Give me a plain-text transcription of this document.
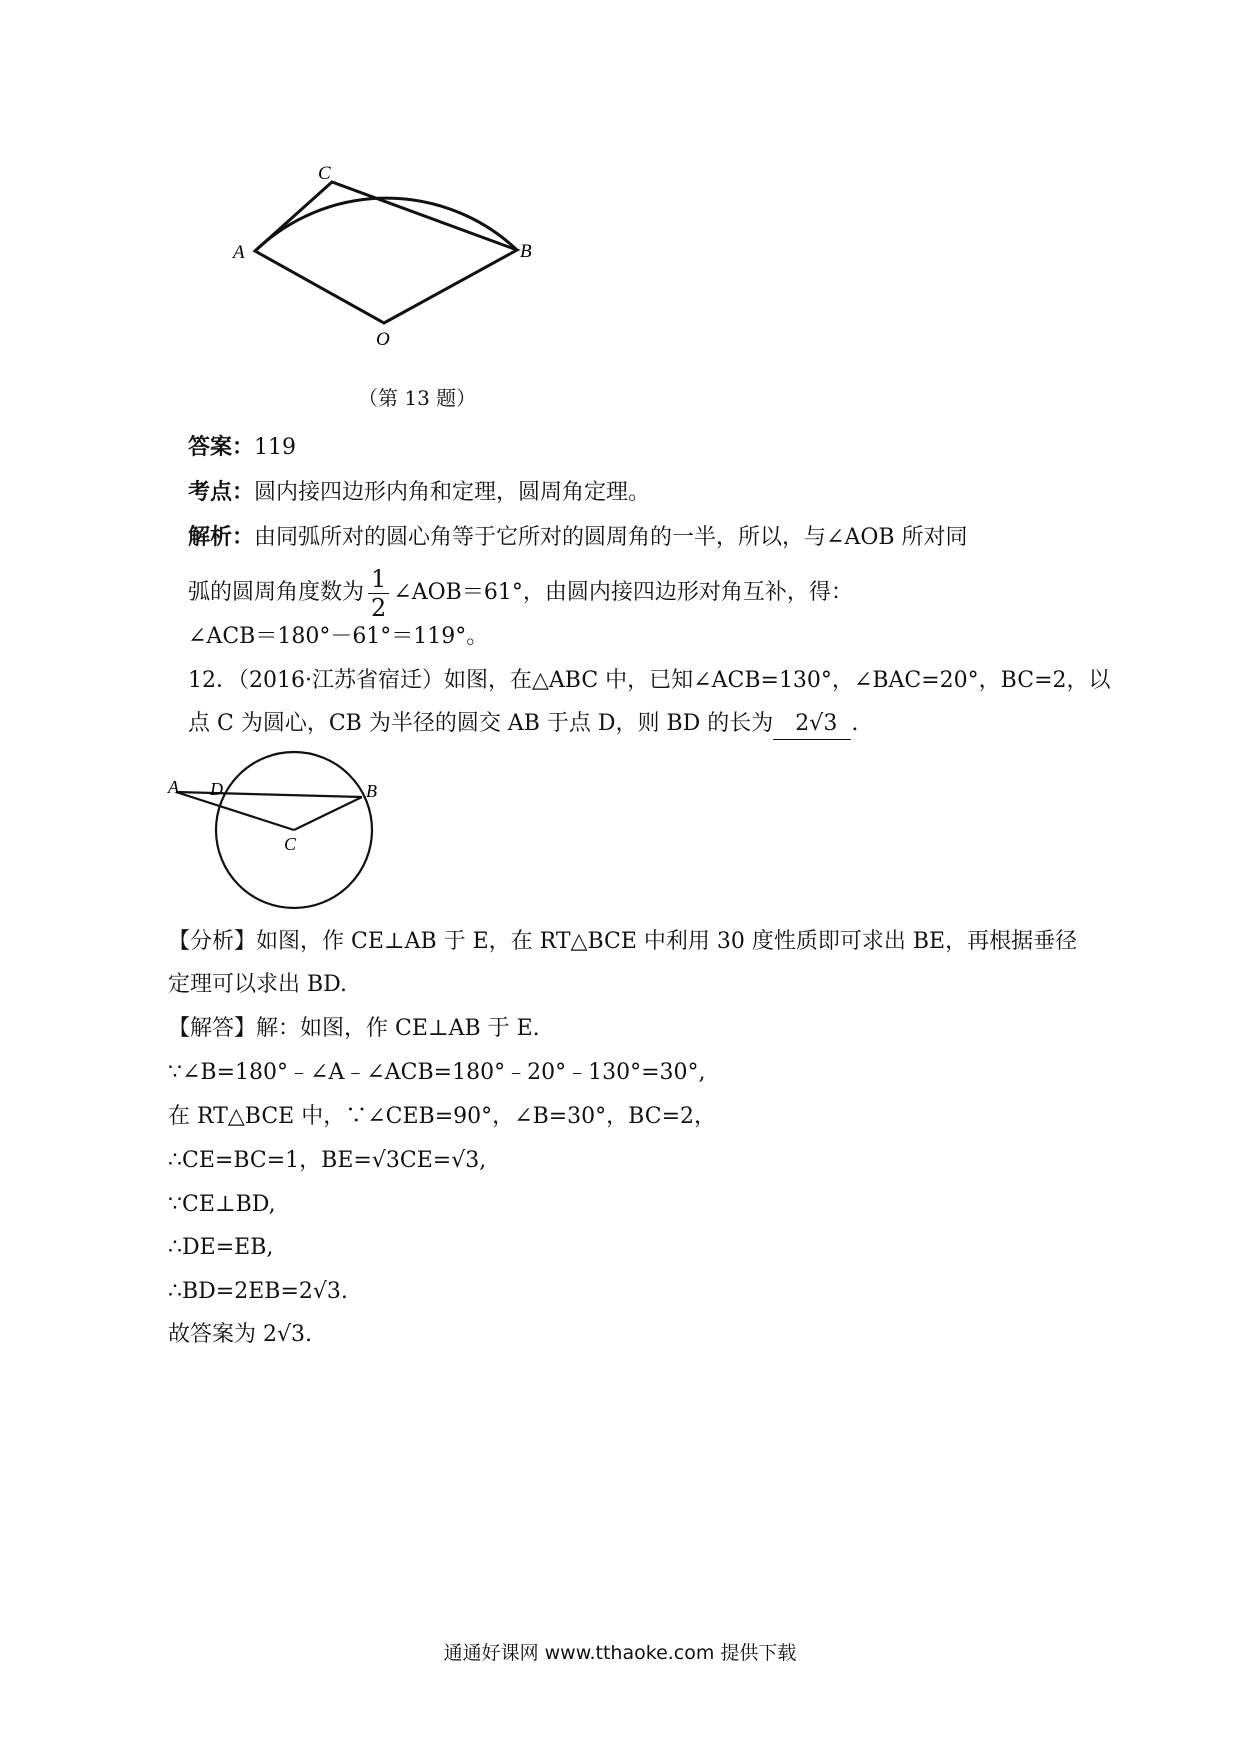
C
A	B
O
（第 13 题）
答案：119
考点：圆内接四边形内角和定理，圆周角定理。
解析：由同弧所对的圆心角等于它所对的圆周角的一半，所以，与∠AOB 所对同
弧的圆周角度数为 $\frac{1}{2}$ ∠AOB＝61°，由圆内接四边形对角互补，得：
∠ACB＝180°－61°＝119°。
12．（2016·江苏省宿迁）如图，在△ABC 中，已知∠ACB=130°，∠BAC=20°，BC=2，以
点 C 为圆心，CB 为半径的圆交 AB 于点 D，则 BD 的长为 2√3 .
A D	B
C
【分析】如图，作 CE⊥AB 于 E，在 RT△BCE 中利用 30 度性质即可求出 BE，再根据垂径
定理可以求出 BD.
【解答】解：如图，作 CE⊥AB 于 E.
∵∠B=180°﹣∠A﹣∠ACB=180°﹣20°﹣130°=30°,
在 RT△BCE 中，∵∠CEB=90°，∠B=30°，BC=2，
∴CE=BC=1，BE=√3CE=√3,
∵CE⊥BD,
∴DE=EB,
∴BD=2EB=2√3.
故答案为 2√3.
通通好课网 www.tthaoke.com 提供下载
